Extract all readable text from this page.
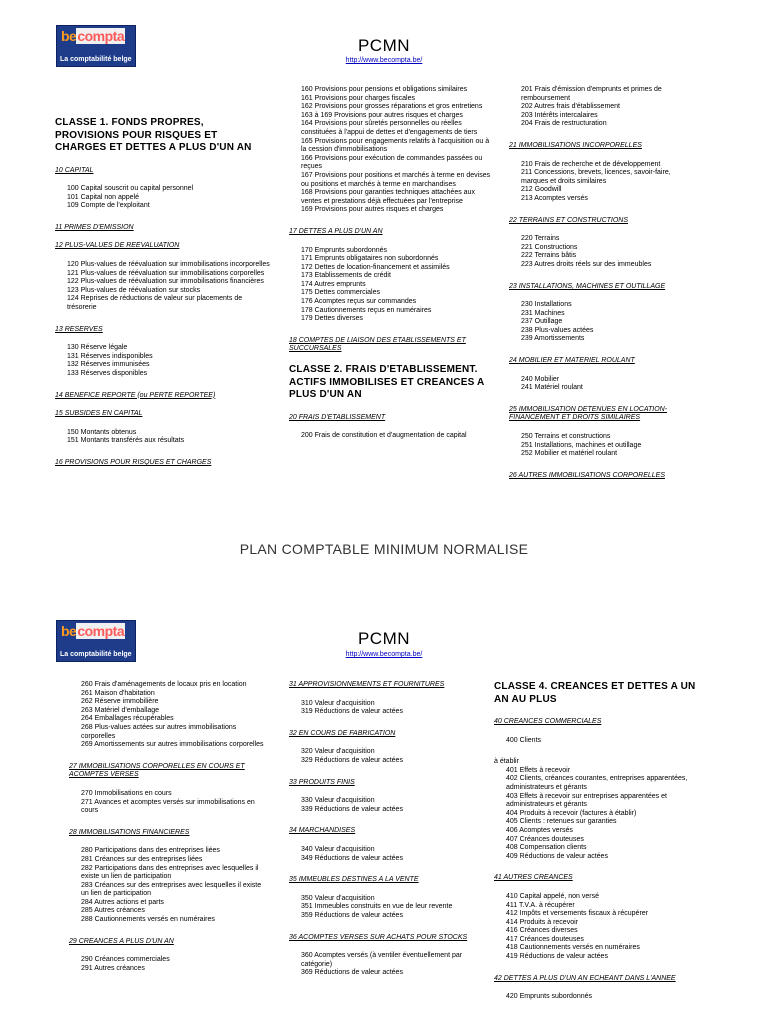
becompta
La comptabilité belge
PCMN
http://www.becompta.be/

CLASSE 1. FONDS PROPRES, PROVISIONS POUR RISQUES ET CHARGES ET DETTES A PLUS D'UN AN

10 CAPITAL

100 Capital souscrit ou capital personnel

101 Capital non appelé

109 Compte de l'exploitant

11 PRIMES D'EMISSION

12 PLUS-VALUES DE REEVALUATION

120 Plus-values de réévaluation sur immobilisations incorporelles

121 Plus-values de réévaluation sur immobilisations corporelles

122 Plus-values de réévaluation sur immobilisations financières

123 Plus-values de réévaluation sur stocks

124 Reprises de réductions de valeur sur placements de trésorerie

13 RESERVES

130 Réserve légale

131 Réserves indisponibles

132 Réserves immunisées

133 Réserves disponibles

14 BENEFICE REPORTE (ou PERTE REPORTEE)

15 SUBSIDES EN CAPITAL

150 Montants obtenus

151 Montants transférés aux résultats

16 PROVISIONS POUR RISQUES ET CHARGES

160 Provisions pour pensions et obligations similaires

161 Provisions pour charges fiscales

162 Provisions pour grosses réparations et gros entretiens

163 à 169 Provisions pour autres risques et charges

164 Provisions pour sûretés personnelles ou réelles constituées à l'appui de dettes et d'engagements de tiers

165 Provisions pour engagements relatifs à l'acquisition ou à la cession d'immobilisations

166 Provisions pour exécution de commandes passées ou reçues

167 Provisions pour positions et marchés à terme en devises ou positions et marchés à terme en marchandises

168 Provisions pour garanties techniques attachées aux ventes et prestations déjà effectuées par l'entreprise

169 Provisions pour autres risques et charges

17 DETTES A PLUS D'UN AN

170 Emprunts subordonnés

171 Emprunts obligataires non subordonnés

172 Dettes de location-financement et assimilés

173 Etablissements de crédit

174 Autres emprunts

175 Dettes commerciales

176 Acomptes reçus sur commandes

178 Cautionnements reçus en numéraires

179 Dettes diverses

18 COMPTES DE LIAISON DES ETABLISSEMENTS ET SUCCURSALES

CLASSE 2. FRAIS D'ETABLISSEMENT. ACTIFS IMMOBILISES ET CREANCES A PLUS D'UN AN

20 FRAIS D'ETABLISSEMENT

200 Frais de constitution et d'augmentation de capital

201 Frais d'émission d'emprunts et primes de remboursement

202 Autres frais d'établissement

203 Intérêts intercalaires

204 Frais de restructuration

21 IMMOBILISATIONS INCORPORELLES

210 Frais de recherche et de développement

211 Concessions, brevets, licences, savoir-faire, marques et droits similaires

212 Goodwill

213 Acomptes versés

22 TERRAINS ET CONSTRUCTIONS

220 Terrains

221 Constructions

222 Terrains bâtis

223 Autres droits réels sur des immeubles

23 INSTALLATIONS, MACHINES ET OUTILLAGE

230 Installations

231 Machines

237 Outillage

238 Plus-values actées

239 Amortissements

24 MOBILIER ET MATERIEL ROULANT

240 Mobilier

241 Matériel roulant

25 IMMOBILISATION DETENUES EN LOCATION-FINANCEMENT ET DROITS SIMILAIRES

250 Terrains et constructions

251 Installations, machines et outillage

252 Mobilier et matériel roulant

26 AUTRES IMMOBILISATIONS CORPORELLES

PLAN COMPTABLE MINIMUM NORMALISE
becompta
La comptabilité belge
PCMN
http://www.becompta.be/

260 Frais d'aménagements de locaux pris en location

261 Maison d'habitation

262 Réserve immobilière

263 Matériel d'emballage

264 Emballages récupérables

268 Plus-values actées sur autres immobilisations corporelles

269 Amortissements sur autres immobilisations corporelles

27 IMMOBILISATIONS CORPORELLES EN COURS ET ACOMPTES VERSES

270 Immobilisations en cours

271 Avances et acomptes versés sur immobilisations en cours

28 IMMOBILISATIONS FINANCIERES

280 Participations dans des entreprises liées

281 Créances sur des entreprises liées

282 Participations dans des entreprises avec lesquelles il existe un lien de participation

283 Créances sur des entreprises avec lesquelles il existe un lien de participation

284 Autres actions et parts

285 Autres créances

288 Cautionnements versés en numéraires

29 CREANCES A PLUS D'UN AN

290 Créances commerciales

291 Autres créances

31 APPROVISIONNEMENTS ET FOURNITURES

310 Valeur d'acquisition

319 Réductions de valeur actées

32 EN COURS DE FABRICATION

320 Valeur d'acquisition

329 Réductions de valeur actées

33 PRODUITS FINIS

330 Valeur d'acquisition

339 Réductions de valeur actées

34 MARCHANDISES

340 Valeur d'acquisition

349 Réductions de valeur actées

35 IMMEUBLES DESTINES A LA VENTE

350 Valeur d'acquisition

351 Immeubles construits en vue de leur revente

359 Réductions de valeur actées

36 ACOMPTES VERSES SUR ACHATS POUR STOCKS

360 Acomptes versés (à ventiler éventuellement par catégorie)

369 Réductions de valeur actées

CLASSE 4. CREANCES ET DETTES A UN AN AU PLUS

40 CREANCES COMMERCIALES

400 Clients

à établir

401 Effets à recevoir

402 Clients, créances courantes, entreprises apparentées, administrateurs et gérants

403 Effets à recevoir sur entreprises apparentées et administrateurs et gérants

404 Produits à recevoir (factures à établir)

405 Clients : retenues sur garanties

406 Acomptes versés

407 Créances douteuses

408 Compensation clients

409 Réductions de valeur actées

41 AUTRES CREANCES

410 Capital appelé, non versé

411 T.V.A. à récupérer

412 Impôts et versements fiscaux à récupérer

414 Produits à recevoir

416 Créances diverses

417 Créances douteuses

418 Cautionnements versés en numéraires

419 Réductions de valeur actées

42 DETTES A PLUS D'UN AN ECHEANT DANS L'ANNEE

420 Emprunts subordonnés
